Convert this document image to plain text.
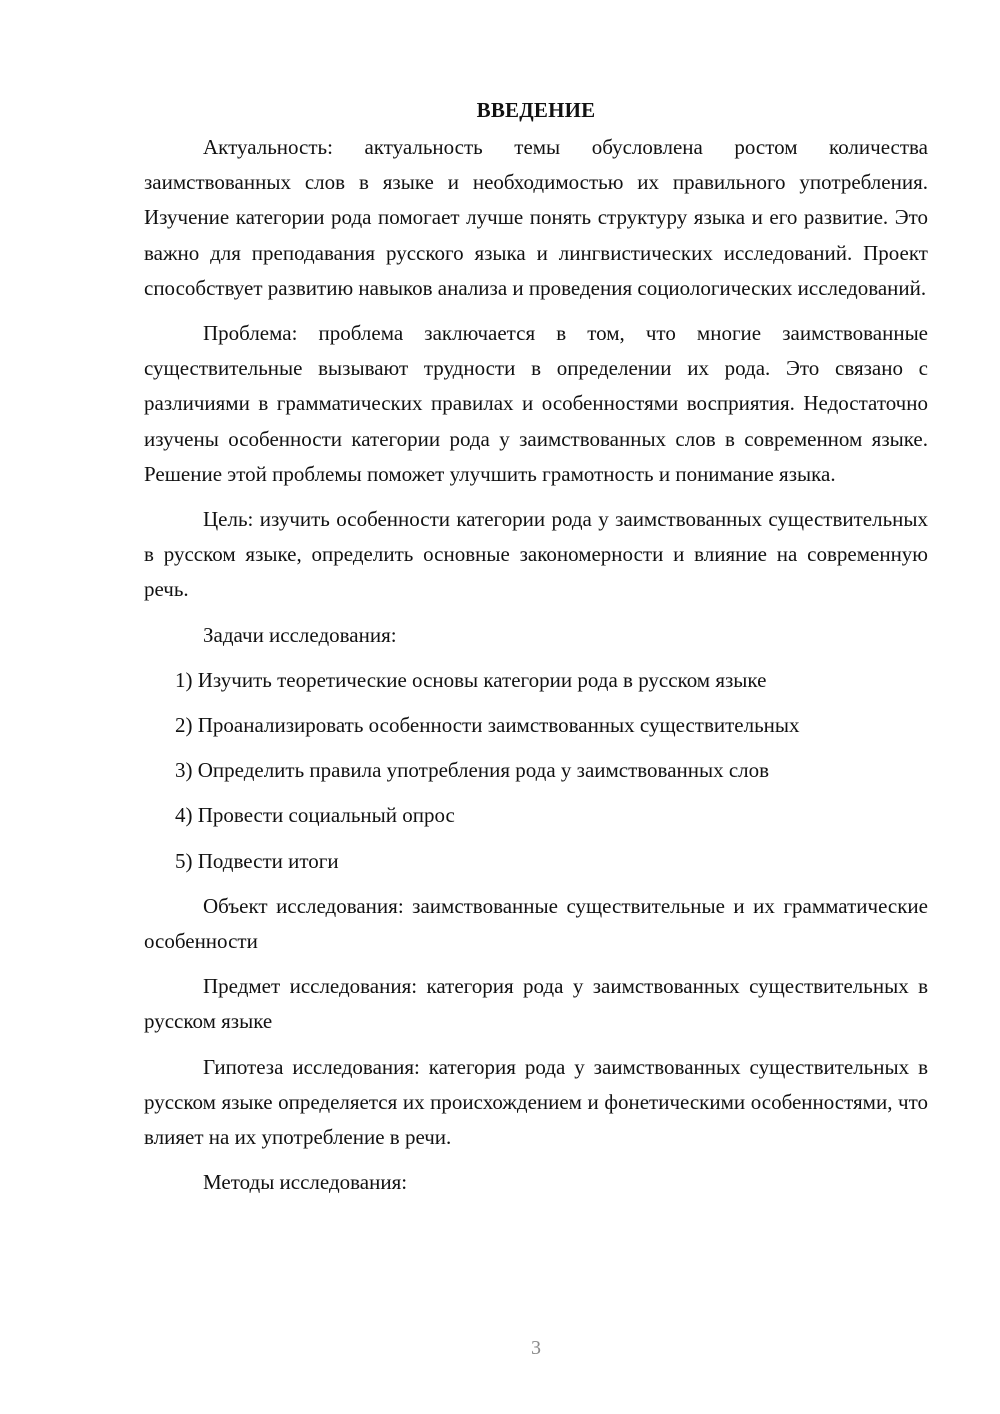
ВВЕДЕНИЕ

Актуальность: актуальность темы обусловлена ростом количества заимствованных слов в языке и необходимостью их правильного употребления. Изучение категории рода помогает лучше понять структуру языка и его развитие. Это важно для преподавания русского языка и лингвистических исследований. Проект способствует развитию навыков анализа и проведения социологических исследований.

Проблема: проблема заключается в том, что многие заимствованные существительные вызывают трудности в определении их рода. Это связано с различиями в грамматических правилах и особенностями восприятия. Недостаточно изучены особенности категории рода у заимствованных слов в современном языке. Решение этой проблемы поможет улучшить грамотность и понимание языка.

Цель: изучить особенности категории рода у заимствованных существительных в русском языке, определить основные закономерности и влияние на современную речь.

Задачи исследования:

1) Изучить теоретические основы категории рода в русском языке

2) Проанализировать особенности заимствованных существительных

3) Определить правила употребления рода у заимствованных слов

4) Провести социальный опрос

5) Подвести итоги

Объект исследования: заимствованные существительные и их грамматические особенности

Предмет исследования: категория рода у заимствованных существительных в русском языке

Гипотеза исследования: категория рода у заимствованных существительных в русском языке определяется их происхождением и фонетическими особенностями, что влияет на их употребление в речи.

Методы исследования:

3
